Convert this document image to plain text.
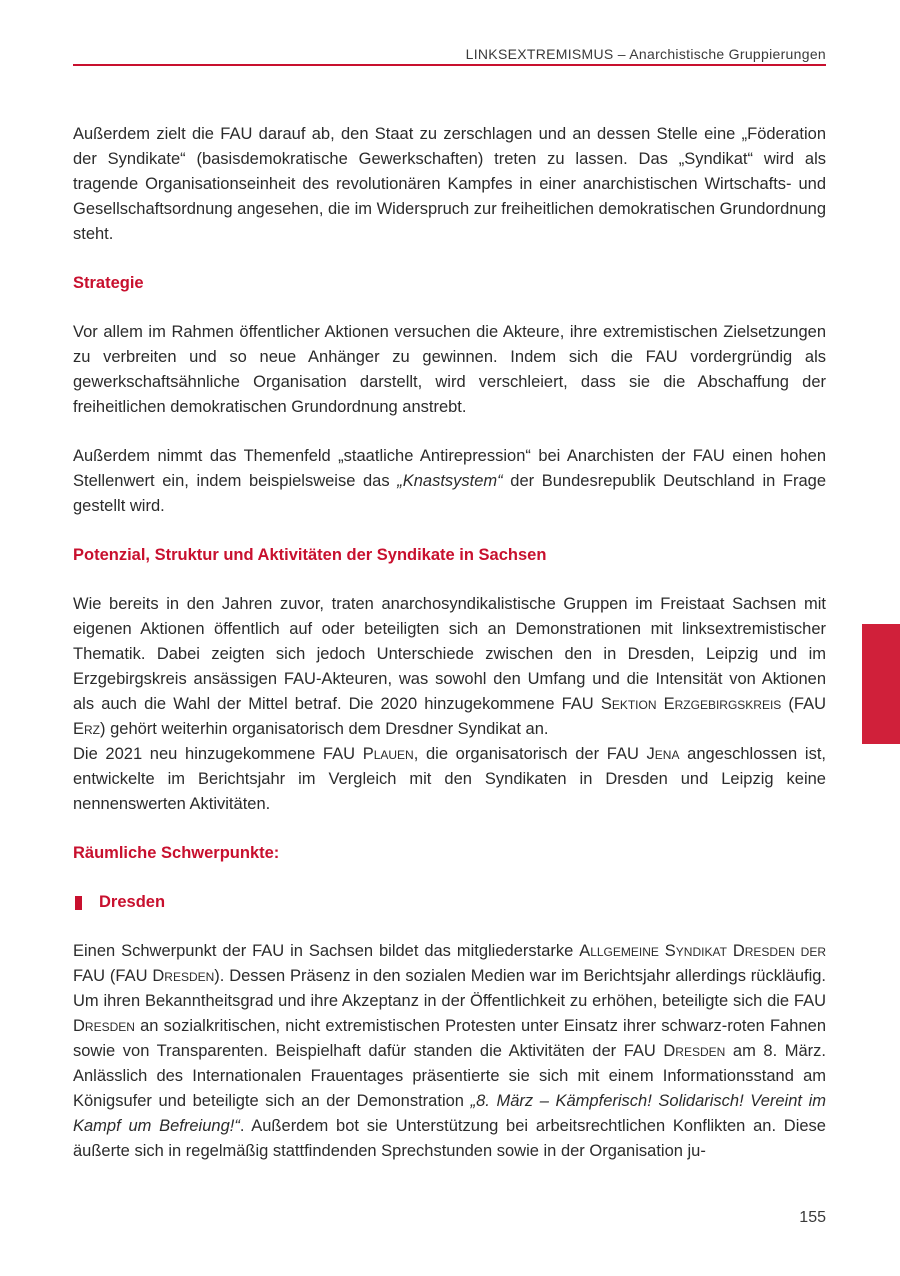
LINKSEXTREMISMUS – Anarchistische Gruppierungen

Außerdem zielt die FAU darauf ab, den Staat zu zerschlagen und an dessen Stelle eine „Föderation der Syndikate“ (basisdemokratische Gewerkschaften) treten zu lassen. Das „Syndikat“ wird als tragende Organisationseinheit des revolutionären Kampfes in einer anarchistischen Wirtschafts- und Gesellschaftsordnung angesehen, die im Widerspruch zur freiheitlichen demokratischen Grundordnung steht.

Strategie

Vor allem im Rahmen öffentlicher Aktionen versuchen die Akteure, ihre extremistischen Zielsetzungen zu verbreiten und so neue Anhänger zu gewinnen. Indem sich die FAU vordergründig als gewerkschaftsähnliche Organisation darstellt, wird verschleiert, dass sie die Abschaffung der freiheitlichen demokratischen Grundordnung anstrebt.

Außerdem nimmt das Themenfeld „staatliche Antirepression“ bei Anarchisten der FAU einen hohen Stellenwert ein, indem beispielsweise das „Knastsystem“ der Bundesrepublik Deutschland in Frage gestellt wird.

Potenzial, Struktur und Aktivitäten der Syndikate in Sachsen

Wie bereits in den Jahren zuvor, traten anarchosyndikalistische Gruppen im Freistaat Sachsen mit eigenen Aktionen öffentlich auf oder beteiligten sich an Demonstrationen mit linksextremistischer Thematik. Dabei zeigten sich jedoch Unterschiede zwischen den in Dresden, Leipzig und im Erzgebirgskreis ansässigen FAU-Akteuren, was sowohl den Umfang und die Intensität von Aktionen als auch die Wahl der Mittel betraf. Die 2020 hinzugekommene FAU Sektion Erzgebirgskreis (FAU Erz) gehört weiterhin organisatorisch dem Dresdner Syndikat an.

Die 2021 neu hinzugekommene FAU Plauen, die organisatorisch der FAU Jena angeschlossen ist, entwickelte im Berichtsjahr im Vergleich mit den Syndikaten in Dresden und Leipzig keine nennenswerten Aktivitäten.

Räumliche Schwerpunkte:
Dresden

Einen Schwerpunkt der FAU in Sachsen bildet das mitgliederstarke Allgemeine Syndikat Dresden der FAU (FAU Dresden). Dessen Präsenz in den sozialen Medien war im Berichtsjahr allerdings rückläufig. Um ihren Bekanntheitsgrad und ihre Akzeptanz in der Öffentlichkeit zu erhöhen, beteiligte sich die FAU Dresden an sozialkritischen, nicht extremistischen Protesten unter Einsatz ihrer schwarz-roten Fahnen sowie von Transparenten. Beispielhaft dafür standen die Aktivitäten der FAU Dresden am 8. März. Anlässlich des Internationalen Frauentages präsentierte sie sich mit einem Informationsstand am Königsufer und beteiligte sich an der Demonstration „8. März – Kämpferisch! Solidarisch! Vereint im Kampf um Befreiung!“. Außerdem bot sie Unterstützung bei arbeitsrechtlichen Konflikten an. Diese äußerte sich in regelmäßig stattfindenden Sprechstunden sowie in der Organisation ju-

155
